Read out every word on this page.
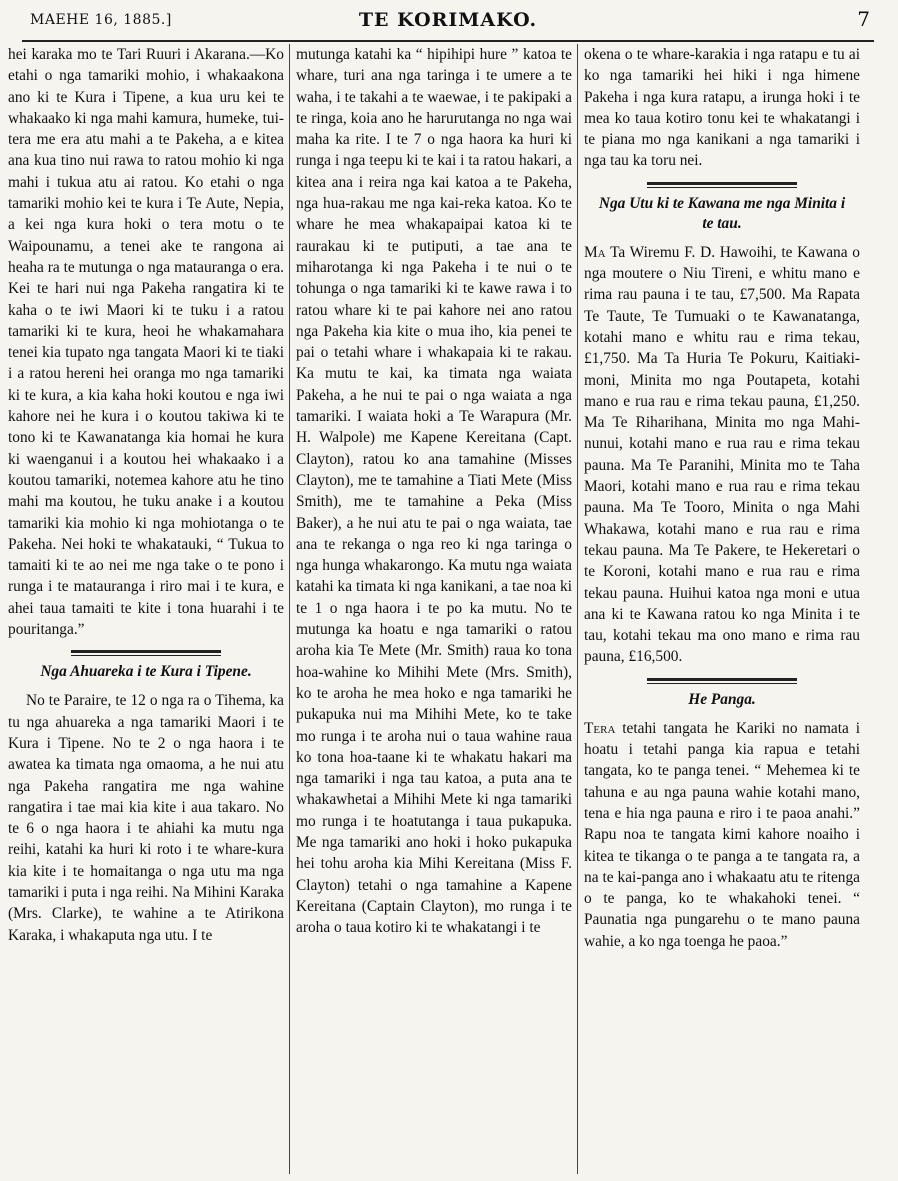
MAEHE 16, 1885.]	TE KORIMAKO.	7

hei karaka mo te Tari Ruuri i Akarana.—Ko etahi o nga tamariki mohio, i whakaakona ano ki te Kura i Tipene, a kua uru kei te whakaako ki nga mahi kamura, humeke, tui-tera me era atu mahi a te Pakeha, a e kitea ana kua tino nui rawa to ratou mohio ki nga mahi i tukua atu ai ratou. Ko etahi o nga tamariki mohio kei te kura i Te Aute, Nepia, a kei nga kura hoki o tera motu o te Waipounamu, a tenei ake te rangona ai heaha ra te mutunga o nga matauranga o era. Kei te hari nui nga Pakeha rangatira ki te kaha o te iwi Maori ki te tuku i a ratou tamariki ki te kura, heoi he whakamahara tenei kia tupato nga tangata Maori ki te tiaki i a ratou hereni hei oranga mo nga tamariki ki te kura, a kia kaha hoki koutou e nga iwi kahore nei he kura i o koutou takiwa ki te tono ki te Kawanatanga kia homai he kura ki waenganui i a koutou hei whakaako i a koutou tamariki, notemea kahore atu he tino mahi ma koutou, he tuku anake i a koutou tamariki kia mohio ki nga mohiotanga o te Pakeha. Nei hoki te whakatauki, “ Tukua to tamaiti ki te ao nei me nga take o te pono i runga i te matauranga i riro mai i te kura, e ahei taua tamaiti te kite i tona huarahi i te pouritanga.”

Nga Ahuareka i te Kura i Tipene.

No te Paraire, te 12 o nga ra o Tihema, ka tu nga ahuareka a nga tamariki Maori i te Kura i Tipene. No te 2 o nga haora i te awatea ka timata nga omaoma, a he nui atu nga Pakeha rangatira me nga wahine rangatira i tae mai kia kite i aua takaro. No te 6 o nga haora i te ahiahi ka mutu nga reihi, katahi ka huri ki roto i te whare-kura kia kite i te homaitanga o nga utu ma nga tamariki i puta i nga reihi. Na Mihini Karaka (Mrs. Clarke), te wahine a te Atirikona Karaka, i whakaputa nga utu. I te

mutunga katahi ka “ hipihipi hure ” katoa te whare, turi ana nga taringa i te umere a te waha, i te takahi a te waewae, i te pakipaki a te ringa, koia ano he harurutanga no nga wai maha ka rite. I te 7 o nga haora ka huri ki runga i nga teepu ki te kai i ta ratou hakari, a kitea ana i reira nga kai katoa a te Pakeha, nga hua-rakau me nga kai-reka katoa. Ko te whare he mea whakapaipai katoa ki te raurakau ki te putiputi, a tae ana te miharotanga ki nga Pakeha i te nui o te tohunga o nga tamariki ki te kawe rawa i to ratou whare ki te pai kahore nei ano ratou nga Pakeha kia kite o mua iho, kia penei te pai o tetahi whare i whakapaia ki te rakau. Ka mutu te kai, ka timata nga waiata Pakeha, a he nui te pai o nga waiata a nga tamariki. I waiata hoki a Te Warapura (Mr. H. Walpole) me Kapene Kereitana (Capt. Clayton), ratou ko ana tamahine (Misses Clayton), me te tamahine a Tiati Mete (Miss Smith), me te tamahine a Peka (Miss Baker), a he nui atu te pai o nga waiata, tae ana te rekanga o nga reo ki nga taringa o nga hunga whakarongo. Ka mutu nga waiata katahi ka timata ki nga kanikani, a tae noa ki te 1 o nga haora i te po ka mutu. No te mutunga ka hoatu e nga tamariki o ratou aroha kia Te Mete (Mr. Smith) raua ko tona hoa-wahine ko Mihihi Mete (Mrs. Smith), ko te aroha he mea hoko e nga tamariki he pukapuka nui ma Mihihi Mete, ko te take mo runga i te aroha nui o taua wahine raua ko tona hoa-taane ki te whakatu hakari ma nga tamariki i nga tau katoa, a puta ana te whakawhetai a Mihihi Mete ki nga tamariki mo runga i te hoatutanga i taua pukapuka. Me nga tamariki ano hoki i hoko pukapuka hei tohu aroha kia Mihi Kereitana (Miss F. Clayton) tetahi o nga tamahine a Kapene Kereitana (Captain Clayton), mo runga i te aroha o taua kotiro ki te whakatangi i te

okena o te whare-karakia i nga ratapu e tu ai ko nga tamariki hei hiki i nga himene Pakeha i nga kura ratapu, a irunga hoki i te mea ko taua kotiro tonu kei te whakatangi i te piana mo nga kanikani a nga tamariki i nga tau ka toru nei.

Nga Utu ki te Kawana me nga Minita i te tau.

Ma Ta Wiremu F. D. Hawoihi, te Kawana o nga moutere o Niu Tireni, e whitu mano e rima rau pauna i te tau, £7,500. Ma Rapata Te Taute, Te Tumuaki o te Kawanatanga, kotahi mano e whitu rau e rima tekau, £1,750. Ma Ta Huria Te Pokuru, Kaitiaki-moni, Minita mo nga Poutapeta, kotahi mano e rua rau e rima tekau pauna, £1,250. Ma Te Riharihana, Minita mo nga Mahi-nunui, kotahi mano e rua rau e rima tekau pauna. Ma Te Paranihi, Minita mo te Taha Maori, kotahi mano e rua rau e rima tekau pauna. Ma Te Tooro, Minita o nga Mahi Whakawa, kotahi mano e rua rau e rima tekau pauna. Ma Te Pakere, te Hekeretari o te Koroni, kotahi mano e rua rau e rima tekau pauna. Huihui katoa nga moni e utua ana ki te Kawana ratou ko nga Minita i te tau, kotahi tekau ma ono mano e rima rau pauna, £16,500.

He Panga.

Tera tetahi tangata he Kariki no namata i hoatu i tetahi panga kia rapua e tetahi tangata, ko te panga tenei. “ Mehemea ki te tahuna e au nga pauna wahie kotahi mano, tena e hia nga pauna e riro i te paoa anahi.” Rapu noa te tangata kimi kahore noaiho i kitea te tikanga o te panga a te tangata ra, a na te kai-panga ano i whakaatu atu te ritenga o te panga, ko te whakahoki tenei. “ Paunatia nga pungarehu o te mano pauna wahie, a ko nga toenga he paoa.”
